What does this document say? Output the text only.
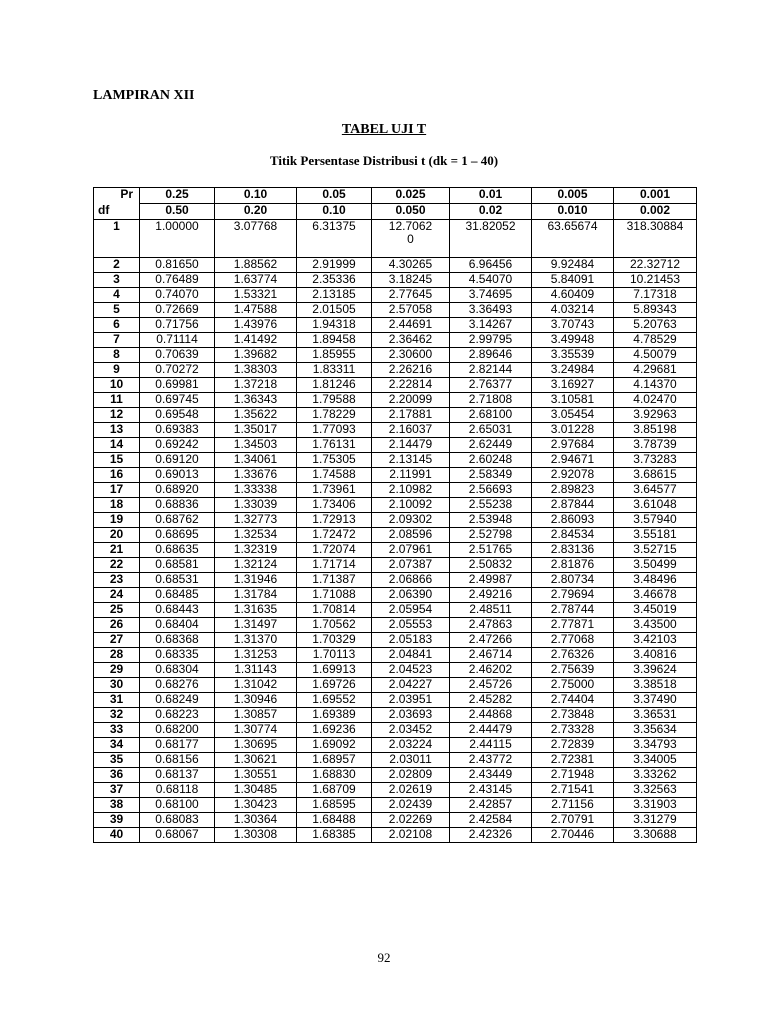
LAMPIRAN XII
TABEL UJI T
Titik Persentase Distribusi t (dk = 1 – 40)
Pr	0.25	0.10	0.05	0.025	0.01	0.005	0.001
df	0.50	0.20	0.10	0.050	0.02	0.010	0.002
1	1.00000	3.07768	6.31375	12.70620	31.82052	63.65674	318.30884
2	0.81650	1.88562	2.91999	4.30265	6.96456	9.92484	22.32712
3	0.76489	1.63774	2.35336	3.18245	4.54070	5.84091	10.21453
4	0.74070	1.53321	2.13185	2.77645	3.74695	4.60409	7.17318
5	0.72669	1.47588	2.01505	2.57058	3.36493	4.03214	5.89343
6	0.71756	1.43976	1.94318	2.44691	3.14267	3.70743	5.20763
7	0.71114	1.41492	1.89458	2.36462	2.99795	3.49948	4.78529
8	0.70639	1.39682	1.85955	2.30600	2.89646	3.35539	4.50079
9	0.70272	1.38303	1.83311	2.26216	2.82144	3.24984	4.29681
10	0.69981	1.37218	1.81246	2.22814	2.76377	3.16927	4.14370
11	0.69745	1.36343	1.79588	2.20099	2.71808	3.10581	4.02470
12	0.69548	1.35622	1.78229	2.17881	2.68100	3.05454	3.92963
13	0.69383	1.35017	1.77093	2.16037	2.65031	3.01228	3.85198
14	0.69242	1.34503	1.76131	2.14479	2.62449	2.97684	3.78739
15	0.69120	1.34061	1.75305	2.13145	2.60248	2.94671	3.73283
16	0.69013	1.33676	1.74588	2.11991	2.58349	2.92078	3.68615
17	0.68920	1.33338	1.73961	2.10982	2.56693	2.89823	3.64577
18	0.68836	1.33039	1.73406	2.10092	2.55238	2.87844	3.61048
19	0.68762	1.32773	1.72913	2.09302	2.53948	2.86093	3.57940
20	0.68695	1.32534	1.72472	2.08596	2.52798	2.84534	3.55181
21	0.68635	1.32319	1.72074	2.07961	2.51765	2.83136	3.52715
22	0.68581	1.32124	1.71714	2.07387	2.50832	2.81876	3.50499
23	0.68531	1.31946	1.71387	2.06866	2.49987	2.80734	3.48496
24	0.68485	1.31784	1.71088	2.06390	2.49216	2.79694	3.46678
25	0.68443	1.31635	1.70814	2.05954	2.48511	2.78744	3.45019
26	0.68404	1.31497	1.70562	2.05553	2.47863	2.77871	3.43500
27	0.68368	1.31370	1.70329	2.05183	2.47266	2.77068	3.42103
28	0.68335	1.31253	1.70113	2.04841	2.46714	2.76326	3.40816
29	0.68304	1.31143	1.69913	2.04523	2.46202	2.75639	3.39624
30	0.68276	1.31042	1.69726	2.04227	2.45726	2.75000	3.38518
31	0.68249	1.30946	1.69552	2.03951	2.45282	2.74404	3.37490
32	0.68223	1.30857	1.69389	2.03693	2.44868	2.73848	3.36531
33	0.68200	1.30774	1.69236	2.03452	2.44479	2.73328	3.35634
34	0.68177	1.30695	1.69092	2.03224	2.44115	2.72839	3.34793
35	0.68156	1.30621	1.68957	2.03011	2.43772	2.72381	3.34005
36	0.68137	1.30551	1.68830	2.02809	2.43449	2.71948	3.33262
37	0.68118	1.30485	1.68709	2.02619	2.43145	2.71541	3.32563
38	0.68100	1.30423	1.68595	2.02439	2.42857	2.71156	3.31903
39	0.68083	1.30364	1.68488	2.02269	2.42584	2.70791	3.31279
40	0.68067	1.30308	1.68385	2.02108	2.42326	2.70446	3.30688
92
